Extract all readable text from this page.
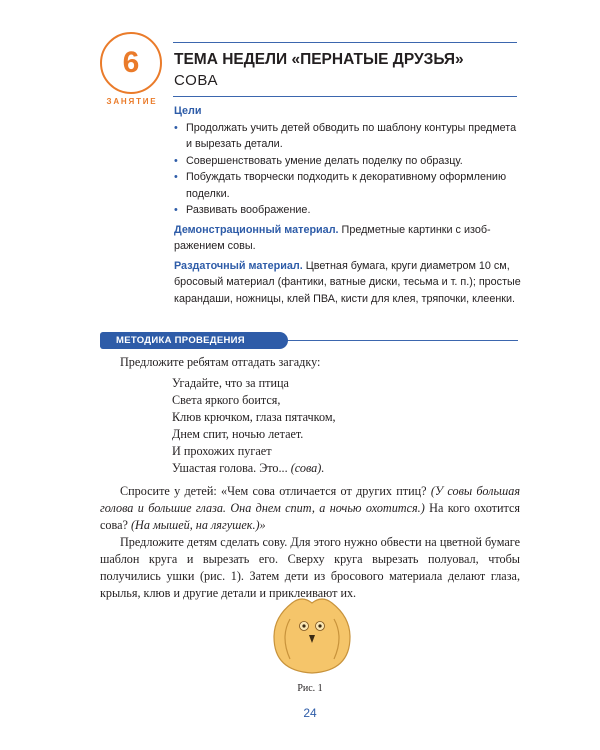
6
ЗАНЯТИЕ
ТЕМА НЕДЕЛИ «ПЕРНАТЫЕ ДРУЗЬЯ»
СОВА
Цели
• Продолжать учить детей обводить по шаблону контуры предмета и вырезать детали.
• Совершенствовать умение делать поделку по образцу.
• Побуждать творчески подходить к декоративному оформлению поделки.
• Развивать воображение.
Демонстрационный материал. Предметные картинки с изображением совы.
Раздаточный материал. Цветная бумага, круги диаметром 10 см, бросовый материал (фантики, ватные диски, тесьма и т. п.); простые карандаши, ножницы, клей ПВА, кисти для клея, тряпочки, клеенки.
МЕТОДИКА ПРОВЕДЕНИЯ
Предложите ребятам отгадать загадку:
Угадайте, что за птица
Света яркого боится,
Клюв крючком, глаза пятачком,
Днем спит, ночью летает.
И прохожих пугает
Ушастая голова. Это... (сова).
Спросите у детей: «Чем сова отличается от других птиц? (У совы большая голова и большие глаза. Она днем спит, а ночью охотится.) На кого охотится сова? (На мышей, на лягушек.)»
Предложите детям сделать сову. Для этого нужно обвести на цветной бумаге шаблон круга и вырезать его. Сверху круга вырезать полуовал, чтобы получились ушки (рис. 1). Затем дети из бросового материала делают глаза, крылья, клюв и другие детали и приклеивают их.
Рис. 1
24
